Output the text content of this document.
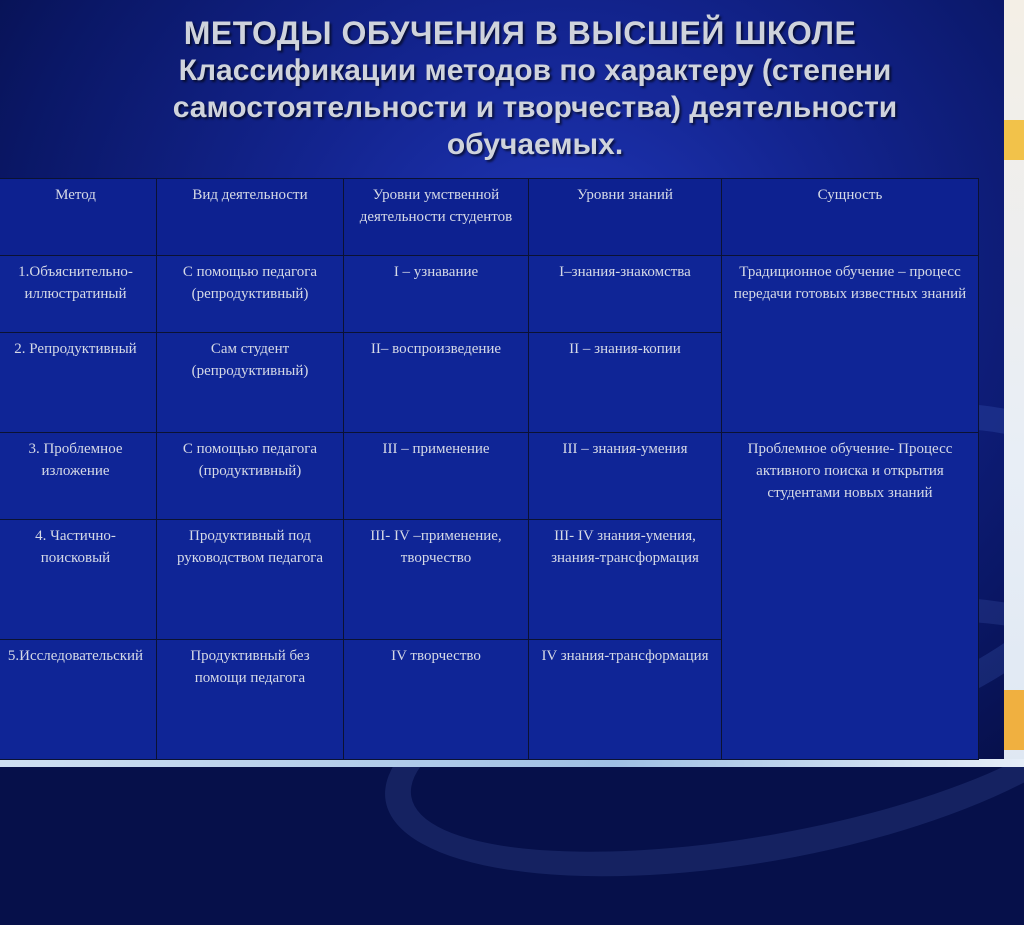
МЕТОДЫ ОБУЧЕНИЯ В ВЫСШЕЙ ШКОЛЕ
Классификации методов по характеру (степени самостоятельности и творчества) деятельности обучаемых.
Метод	Вид деятельности	Уровни умственной деятельности студентов	Уровни знаний	Сущность
1.Объяснительно-иллюстратиный	С помощью педагога (репродуктивный)	I – узнавание	I–знания-знакомства	Традиционное обучение – процесс передачи готовых известных знаний
2. Репродуктивный	Сам студент (репродуктивный)	II– воспроизведение	II – знания-копии	
3. Проблемное изложение	С помощью педагога (продуктивный)	III – применение	III – знания-умения	Проблемное обучение- Процесс активного поиска и открытия студентами новых знаний
4. Частично-поисковый	Продуктивный под руководством педагога	III- IV –применение, творчество	III- IV знания-умения, знания-трансформация	
5.Исследовательский	Продуктивный без помощи педагога	IV творчество	IV знания-трансформация	
